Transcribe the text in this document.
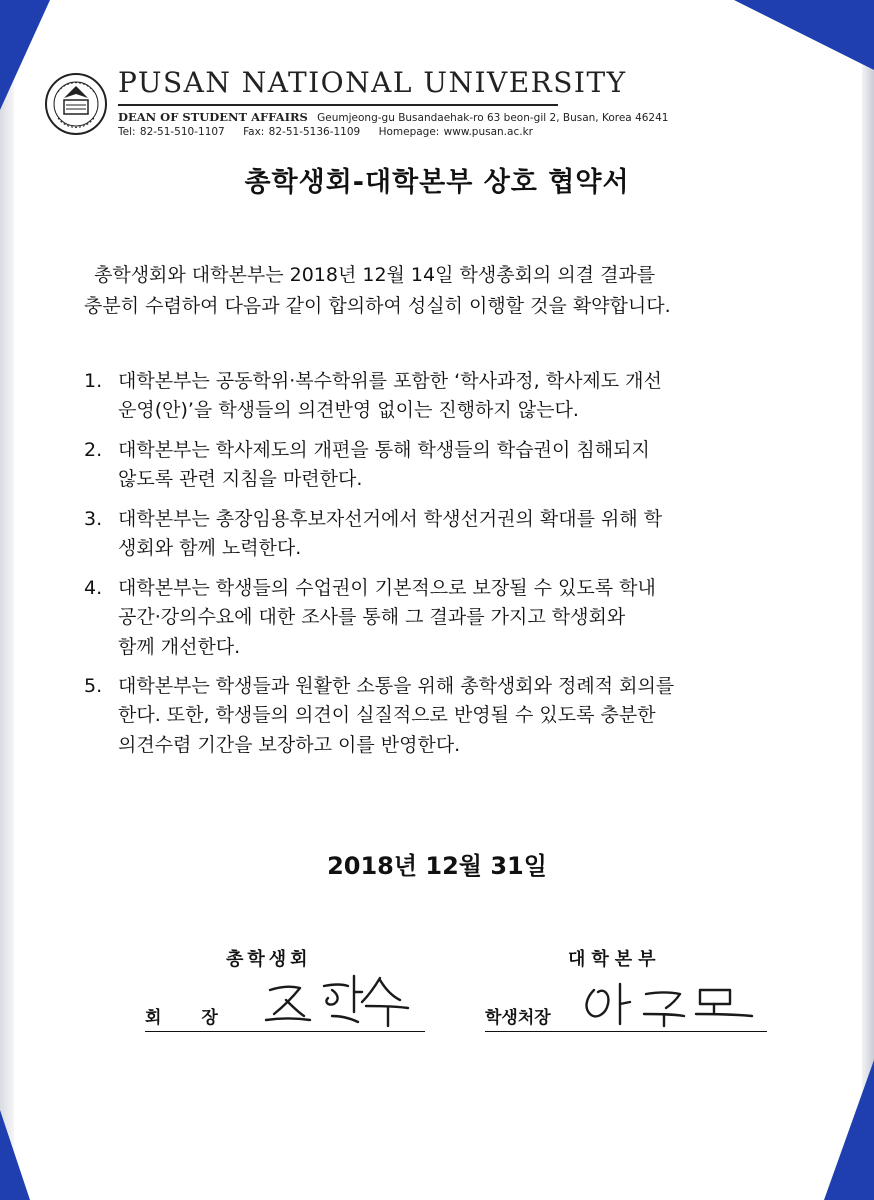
PUSAN NATIONAL UNIVERSITY
DEAN OF STUDENT AFFAIRS Geumjeong-gu Busandaehak-ro 63 beon-gil 2, Busan, Korea 46241
Tel: 82-51-510-1107 Fax: 82-51-5136-1109 Homepage: www.pusan.ac.kr
총학생회-대학본부 상호 협약서

총학생회와 대학본부는 2018년 12월 14일 학생총회의 의결 결과를

충분히 수렴하여 다음과 같이 합의하여 성실히 이행할 것을 확약합니다.

1. 대학본부는 공동학위·복수학위를 포함한 ‘학사과정, 학사제도 개선
운영(안)’을 학생들의 의견반영 없이는 진행하지 않는다.
2. 대학본부는 학사제도의 개편을 통해 학생들의 학습권이 침해되지
않도록 관련 지침을 마련한다.
3. 대학본부는 총장임용후보자선거에서 학생선거권의 확대를 위해 학
생회와 함께 노력한다.
4. 대학본부는 학생들의 수업권이 기본적으로 보장될 수 있도록 학내
공간·강의수요에 대한 조사를 통해 그 결과를 가지고 학생회와
함께 개선한다.
5. 대학본부는 학생들과 원활한 소통을 위해 총학생회와 정례적 회의를
한다. 또한, 학생들의 의견이 실질적으로 반영될 수 있도록 충분한
의견수렴 기간을 보장하고 이를 반영한다.
2018년 12월 31일
총학생회	대학본부
회 장	학생처장
